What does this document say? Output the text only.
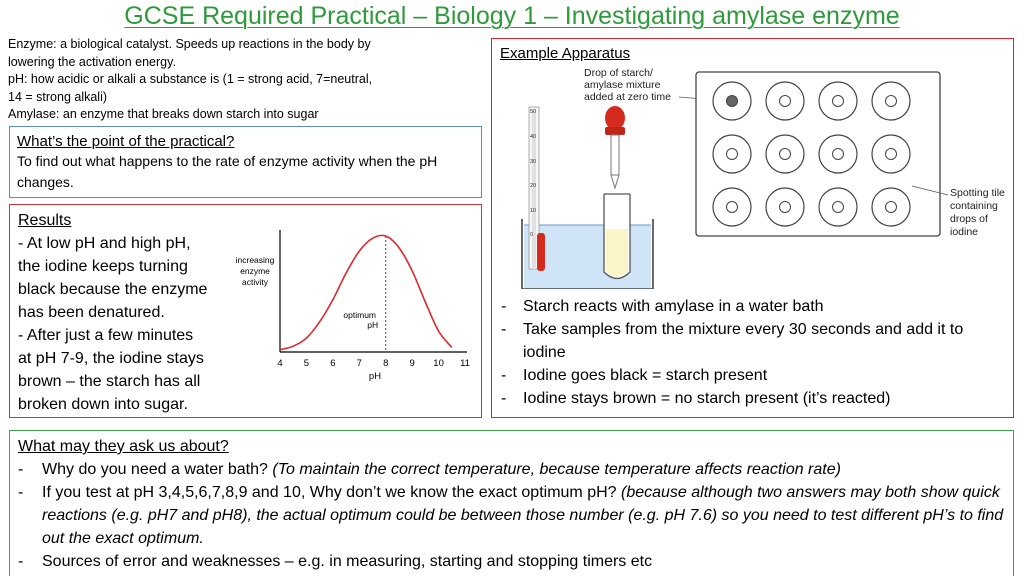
GCSE Required Practical – Biology 1 – Investigating amylase enzyme
Enzyme: a biological catalyst. Speeds up reactions in the body by
lowering the activation energy.
pH: how acidic or alkali a substance is (1 = strong acid, 7=neutral,
14 = strong alkali)
Amylase: an enzyme that breaks down starch into sugar
What’s the point of the practical?
To find out what happens to the rate of enzyme activity when the pH changes.
Results
- At low pH and high pH,
the iodine keeps turning
black because the enzyme
has been denatured.
- After just a few minutes
at pH 7-9, the iodine stays
brown – the starch has all
broken down into sugar.
increasing
enzyme
activity
4 5 6 7 8 9 10 11
pH
optimum
pH
Example Apparatus
Drop of starch/
amylase mixture
added at zero time
50
40
30
20
10
0
Spotting tile
containing
drops of
iodine
- Starch reacts with amylase in a water bath
- Take samples from the mixture every 30 seconds and add it to iodine
- Iodine goes black = starch present
- Iodine stays brown = no starch present (it’s reacted)
What may they ask us about?
- Why do you need a water bath? (To maintain the correct temperature, because temperature affects reaction rate)
- If you test at pH 3,4,5,6,7,8,9 and 10, Why don’t we know the exact optimum pH? (because although two answers may both show quick reactions (e.g. pH7 and pH8), the actual optimum could be between those number (e.g. pH 7.6) so you need to test different pH’s to find out the exact optimum.
- Sources of error and weaknesses – e.g. in measuring, starting and stopping timers etc
